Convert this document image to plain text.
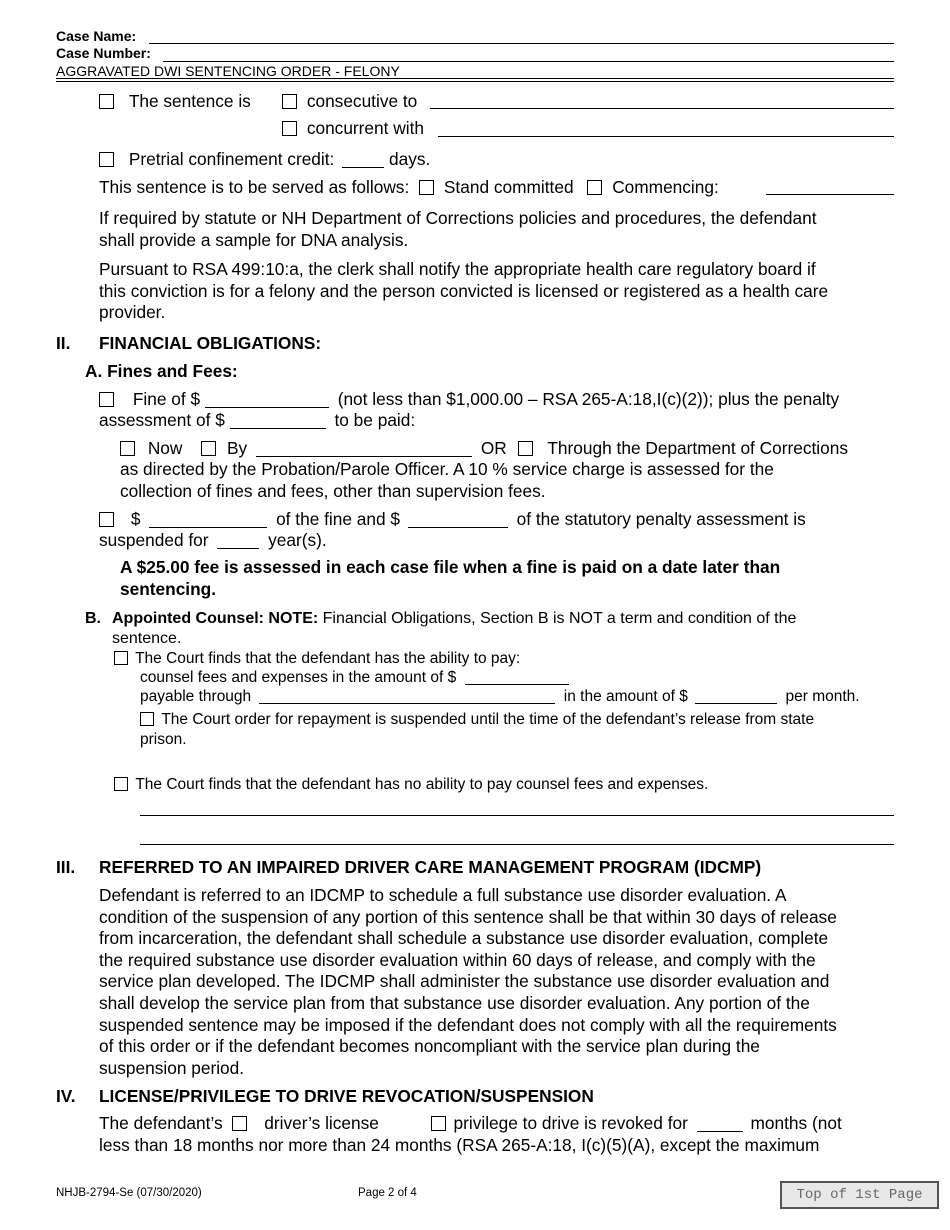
Case Name:
Case Number:
AGGRAVATED DWI SENTENCING ORDER - FELONY
The sentence is	consecutive to
concurrent with
Pretrial confinement credit:	days.
This sentence is to be served as follows: Stand committed Commencing:
If required by statute or NH Department of Corrections policies and procedures, the defendant
shall provide a sample for DNA analysis.
Pursuant to RSA 499:10:a, the clerk shall notify the appropriate health care regulatory board if
this conviction is for a felony and the person convicted is licensed or registered as a health care
provider.
II. FINANCIAL OBLIGATIONS:
A. Fines and Fees:
Fine of $	(not less than $1,000.00 – RSA 265-A:18,I(c)(2)); plus the penalty
assessment of $	to be paid:
Now	By	OR Through the Department of Corrections
as directed by the Probation/Parole Officer. A 10 % service charge is assessed for the
collection of fines and fees, other than supervision fees.
$	of the fine and $	of the statutory penalty assessment is
suspended for	year(s).
A $25.00 fee is assessed in each case file when a fine is paid on a date later than
sentencing.
B. Appointed Counsel: NOTE: Financial Obligations, Section B is NOT a term and condition of the
sentence.
The Court finds that the defendant has the ability to pay:
counsel fees and expenses in the amount of $
payable through	in the amount of $	per month.
The Court order for repayment is suspended until the time of the defendant’s release from state
prison.
The Court finds that the defendant has no ability to pay counsel fees and expenses.
III. REFERRED TO AN IMPAIRED DRIVER CARE MANAGEMENT PROGRAM (IDCMP)
Defendant is referred to an IDCMP to schedule a full substance use disorder evaluation. A
condition of the suspension of any portion of this sentence shall be that within 30 days of release
from incarceration, the defendant shall schedule a substance use disorder evaluation, complete
the required substance use disorder evaluation within 60 days of release, and comply with the
service plan developed. The IDCMP shall administer the substance use disorder evaluation and
shall develop the service plan from that substance use disorder evaluation. Any portion of the
suspended sentence may be imposed if the defendant does not comply with all the requirements
of this order or if the defendant becomes noncompliant with the service plan during the
suspension period.
IV. LICENSE/PRIVILEGE TO DRIVE REVOCATION/SUSPENSION
The defendant’s driver’s license	privilege to drive is revoked for	months (not
less than 18 months nor more than 24 months (RSA 265-A:18, I(c)(5)(A), except the maximum
NHJB-2794-Se (07/30/2020)	Page 2 of 4	Top of 1st Page
